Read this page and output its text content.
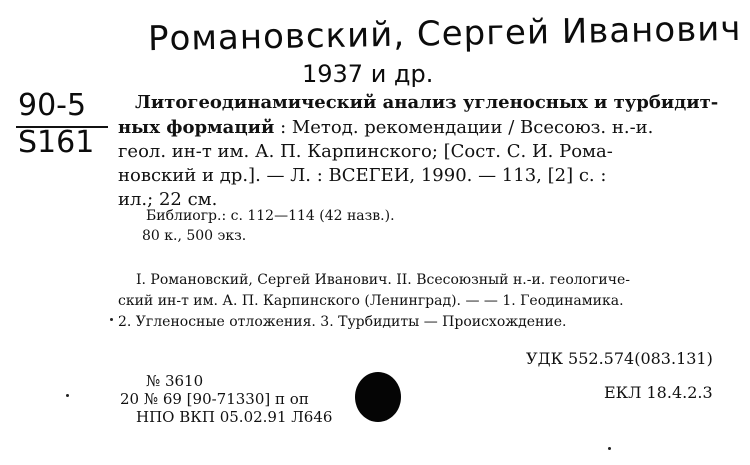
Романовский, Сергей Иванович
1937 и др.
90-5
S161
Литогеодинамический анализ угленосных и турбидит-
ных формаций : Метод. рекомендации / Всесоюз. н.-и.
геол. ин-т им. А. П. Карпинского; [Сост. С. И. Рома-
новский и др.]. — Л. : ВСЕГЕИ, 1990. — 113, [2] с. :
ил.; 22 см.
Библиогр.: с. 112—114 (42 назв.).
80 к., 500 экз.
I. Романовский, Сергей Иванович. II. Всесоюзный н.-и. геологиче-
ский ин-т им. А. П. Карпинского (Ленинград). — — 1. Геодинамика.
2. Угленосные отложения. 3. Турбидиты — Происхождение.
УДК 552.574(083.131)
ЕКЛ 18.4.2.3
№ 3610
20 № 69 [90-71330] п оп
НПО ВКП 05.02.91 Л646
